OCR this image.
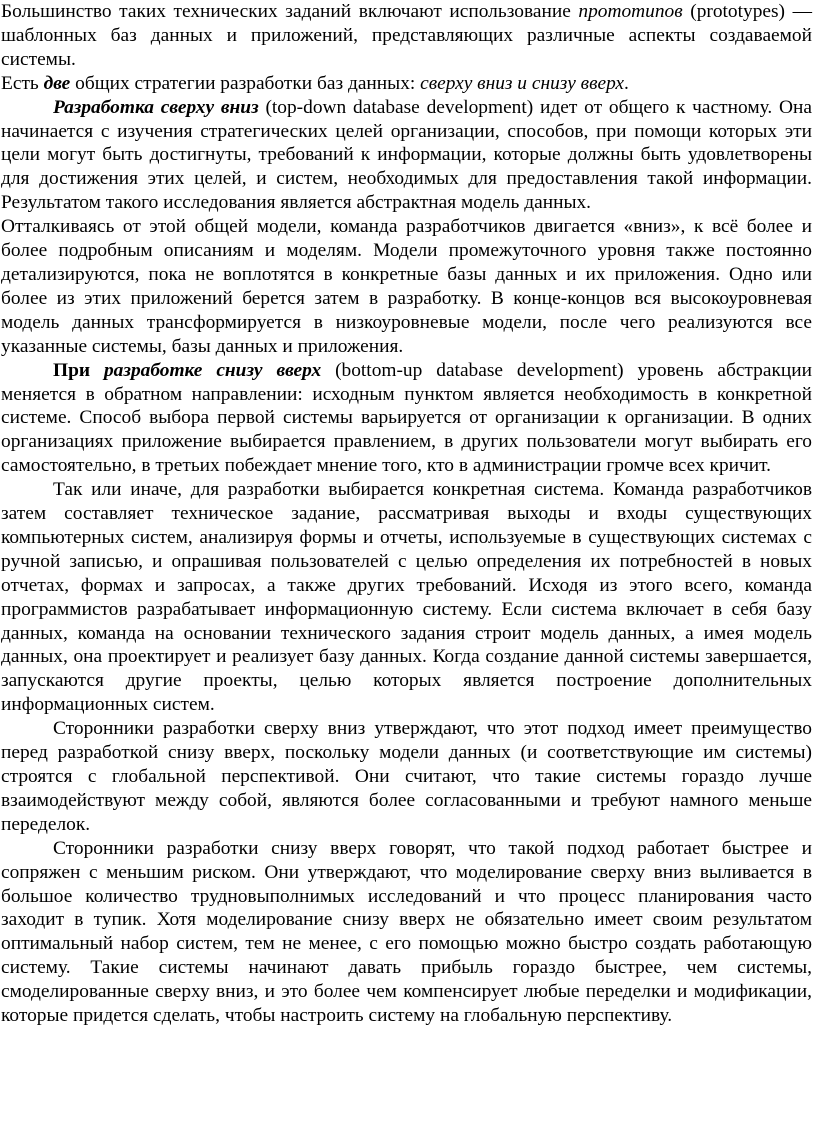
Большинство таких технических заданий включают использование прототипов (prototypes) — шаблонных баз данных и приложений, представляющих различные аспекты создаваемой системы.

Есть две общих стратегии разработки баз данных: сверху вниз и снизу вверх.

Разработка сверху вниз (top-down database development) идет от общего к частному. Она начинается с изучения стратегических целей организации, способов, при помощи которых эти цели могут быть достигнуты, требований к информации, которые должны быть удовлетворены для достижения этих целей, и систем, необходимых для предоставления такой информации. Результатом такого исследования является абстрактная модель данных.

Отталкиваясь от этой общей модели, команда разработчиков двигается «вниз», к всё более и более подробным описаниям и моделям. Модели промежуточного уровня также постоянно детализируются, пока не воплотятся в конкретные базы данных и их приложения. Одно или более из этих приложений берется затем в разработку. В конце-концов вся высокоуровневая модель данных трансформируется в низкоуровневые модели, после чего реализуются все указанные системы, базы данных и приложения.

При разработке снизу вверх (bottom-up database development) уровень абстракции меняется в обратном направлении: исходным пунктом является необходимость в конкретной системе. Способ выбора первой системы варьируется от организации к организации. В одних организациях приложение выбирается правлением, в других пользователи могут выбирать его самостоятельно, в третьих побеждает мнение того, кто в администрации громче всех кричит.

Так или иначе, для разработки выбирается конкретная система. Команда разработчиков затем составляет техническое задание, рассматривая выходы и входы существующих компьютерных систем, анализируя формы и отчеты, используемые в существующих системах с ручной записью, и опрашивая пользователей с целью определения их потребностей в новых отчетах, формах и запросах, а также других требований. Исходя из этого всего, команда программистов разрабатывает информационную систему. Если система включает в себя базу данных, команда на основании технического задания строит модель данных, а имея модель данных, она проектирует и реализует базу данных. Когда создание данной системы завершается, запускаются другие проекты, целью которых является построение дополнительных информационных систем.

Сторонники разработки сверху вниз утверждают, что этот подход имеет преимущество перед разработкой снизу вверх, поскольку модели данных (и соответствующие им системы) строятся с глобальной перспективой. Они считают, что такие системы гораздо лучше взаимодействуют между собой, являются более согласованными и требуют намного меньше переделок.

Сторонники разработки снизу вверх говорят, что такой подход работает быстрее и сопряжен с меньшим риском. Они утверждают, что моделирование сверху вниз выливается в большое количество трудновыполнимых исследований и что процесс планирования часто заходит в тупик. Хотя моделирование снизу вверх не обязательно имеет своим результатом оптимальный набор систем, тем не менее, с его помощью можно быстро создать работающую систему. Такие системы начинают давать прибыль гораздо быстрее, чем системы, смоделированные сверху вниз, и это более чем компенсирует любые переделки и модификации, которые придется сделать, чтобы настроить систему на глобальную перспективу.
